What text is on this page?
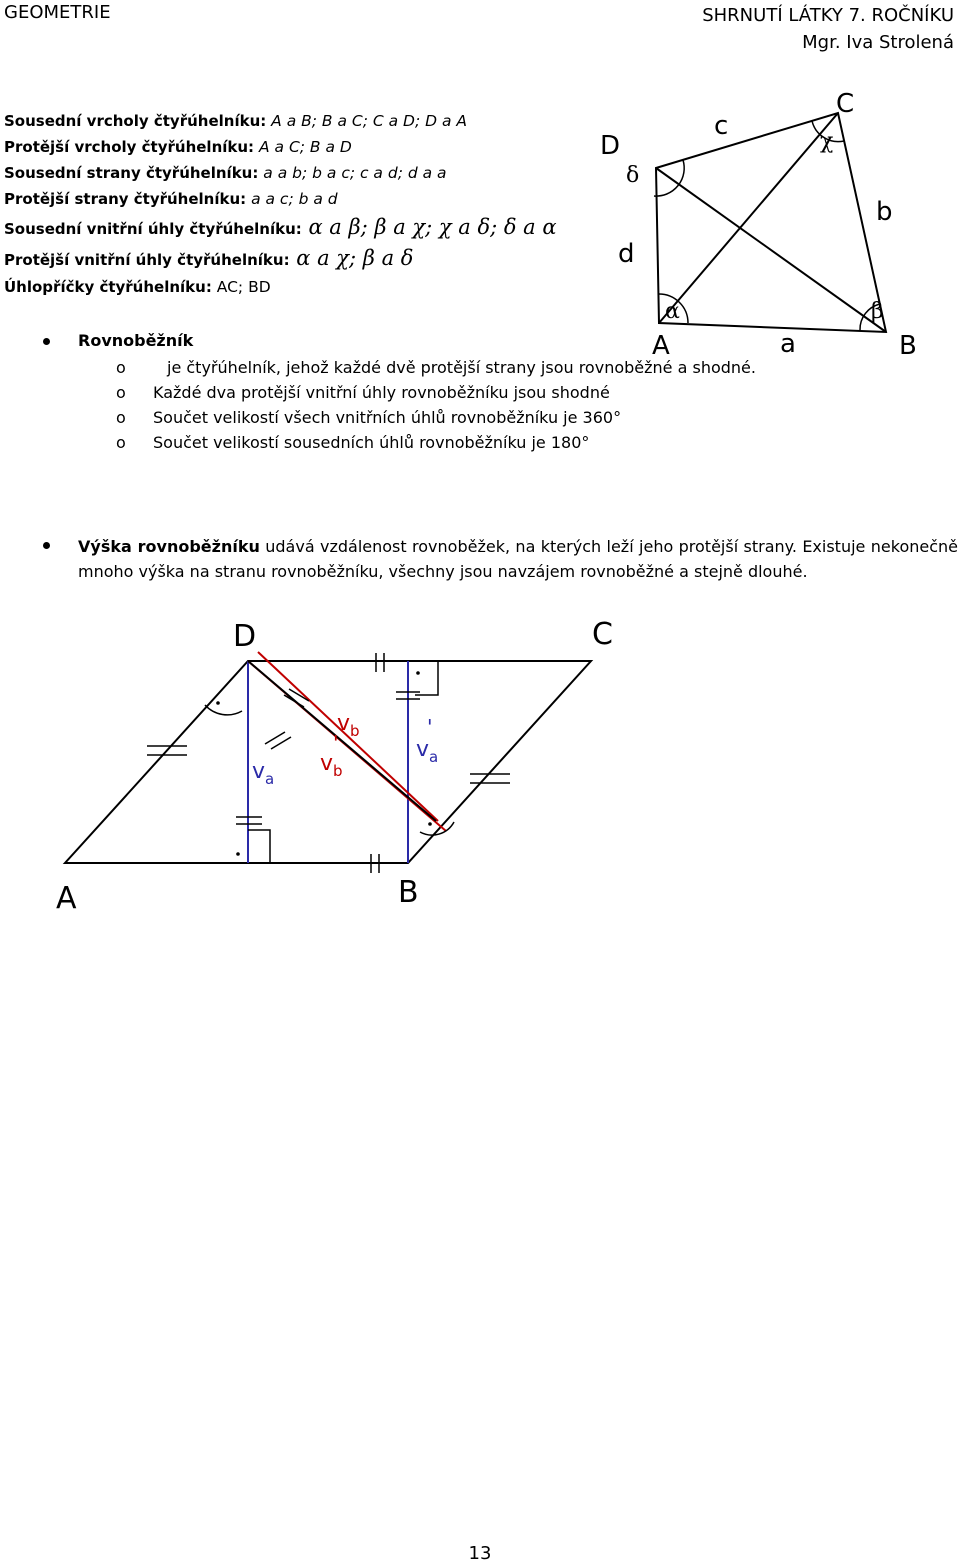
GEOMETRIE	SHRNUTÍ LÁTKY 7. ROČNÍKU
Mgr. Iva Strolená
Sousední vrcholy čtyřúhelníku: A a B; B a C; C a D; D a A
Protější vrcholy čtyřúhelníku: A a C; B a D
Sousední strany čtyřúhelníku: a a b; b a c; c a d; d a a
Protější strany čtyřúhelníku: a a c; b a d
Sousední vnitřní úhly čtyřúhelníku: α a β; β a χ; χ a δ; δ a α
Protější vnitřní úhly čtyřúhelníku: α a χ; β a δ
Úhlopříčky čtyřúhelníku: AC; BD
A	B
C
D
a
b
c
d
α	β
χ
δ
Rovnoběžník
o	je čtyřúhelník, jehož každé dvě protější strany jsou rovnoběžné a shodné.
o Každé dva protější vnitřní úhly rovnoběžníku jsou shodné
o Součet velikostí všech vnitřních úhlů rovnoběžníku je 360°
o Součet velikostí sousedních úhlů rovnoběžníku je 180°
Výška rovnoběžníku udává vzdálenost rovnoběžek, na kterých leží jeho protější strany. Existuje nekonečně mnoho výška na stranu rovnoběžníku, všechny jsou navzájem rovnoběžné a stejně dlouhé.
A	B
C
D
$v_a$
$v_a$
'
$v_b$
$v_b$
'
13
